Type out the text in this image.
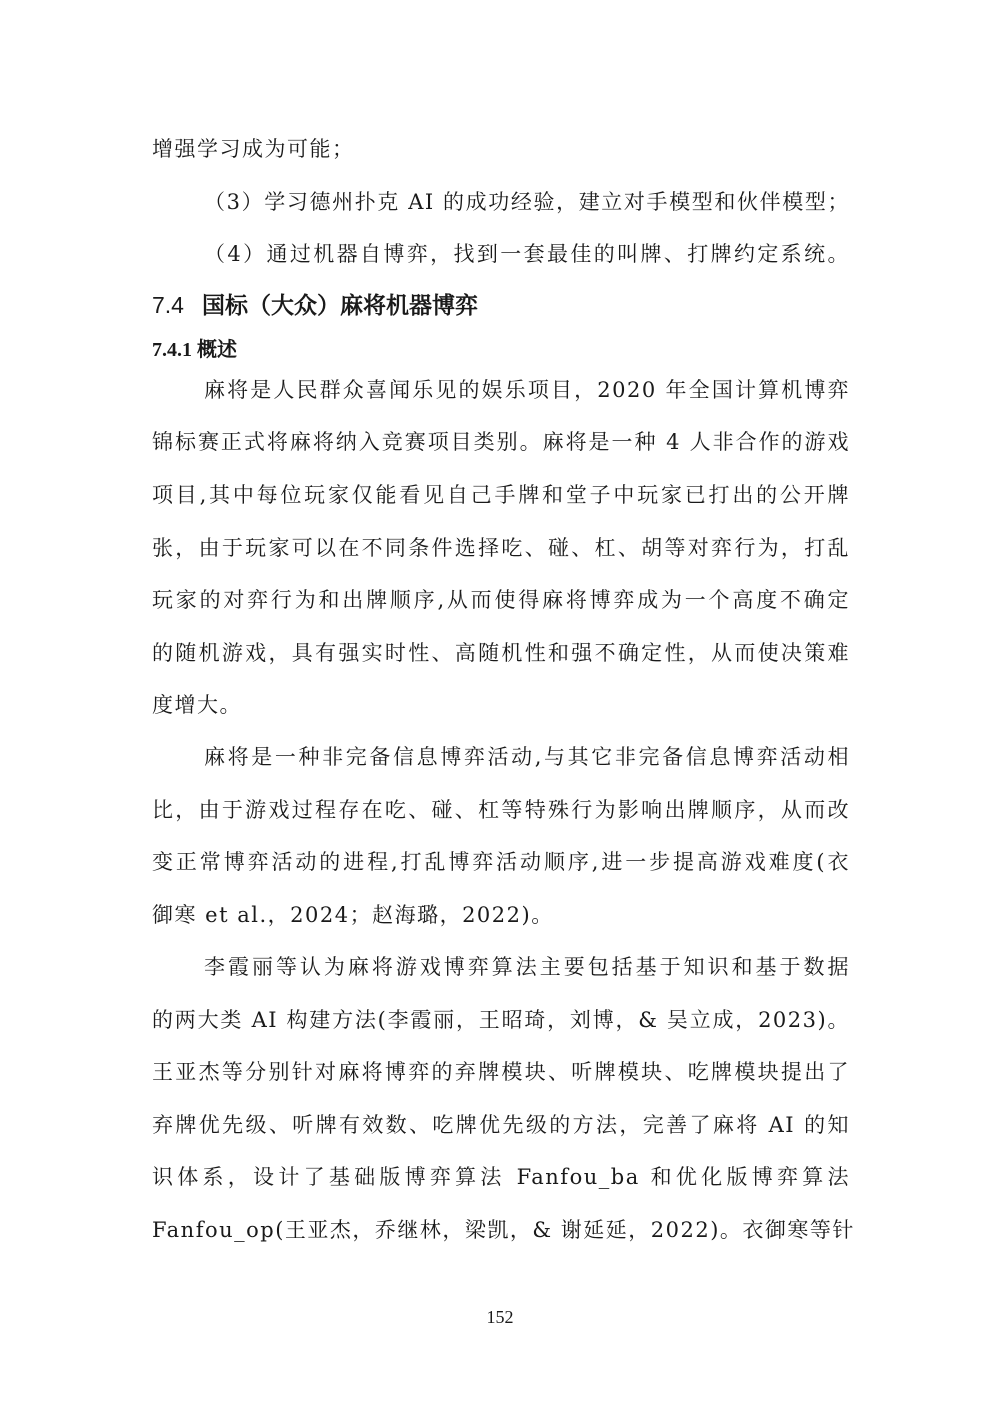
增强学习成为可能；
（3）学习德州扑克 AI 的成功经验，建立对手模型和伙伴模型；
（4）通过机器自博弈，找到一套最佳的叫牌、打牌约定系统。
7.4 国标（大众）麻将机器博弈
7.4.1 概述
麻将是人民群众喜闻乐见的娱乐项目，2020 年全国计算机博弈
锦标赛正式将麻将纳入竞赛项目类别。麻将是一种 4 人非合作的游戏
项目,其中每位玩家仅能看见自己手牌和堂子中玩家已打出的公开牌
张，由于玩家可以在不同条件选择吃、碰、杠、胡等对弈行为，打乱
玩家的对弈行为和出牌顺序,从而使得麻将博弈成为一个高度不确定
的随机游戏，具有强实时性、高随机性和强不确定性，从而使决策难
度增大。
麻将是一种非完备信息博弈活动,与其它非完备信息博弈活动相
比，由于游戏过程存在吃、碰、杠等特殊行为影响出牌顺序，从而改
变正常博弈活动的进程,打乱博弈活动顺序,进一步提高游戏难度(衣
御寒 et al.，2024；赵海璐，2022)。
李霞丽等认为麻将游戏博弈算法主要包括基于知识和基于数据
的两大类 AI 构建方法(李霞丽，王昭琦，刘博，& 吴立成，2023)。
王亚杰等分别针对麻将博弈的弃牌模块、听牌模块、吃牌模块提出了
弃牌优先级、听牌有效数、吃牌优先级的方法，完善了麻将 AI 的知
识体系，设计了基础版博弈算法 Fanfou_ba 和优化版博弈算法
Fanfou_op(王亚杰，乔继林，梁凯，& 谢延延，2022)。衣御寒等针
152
